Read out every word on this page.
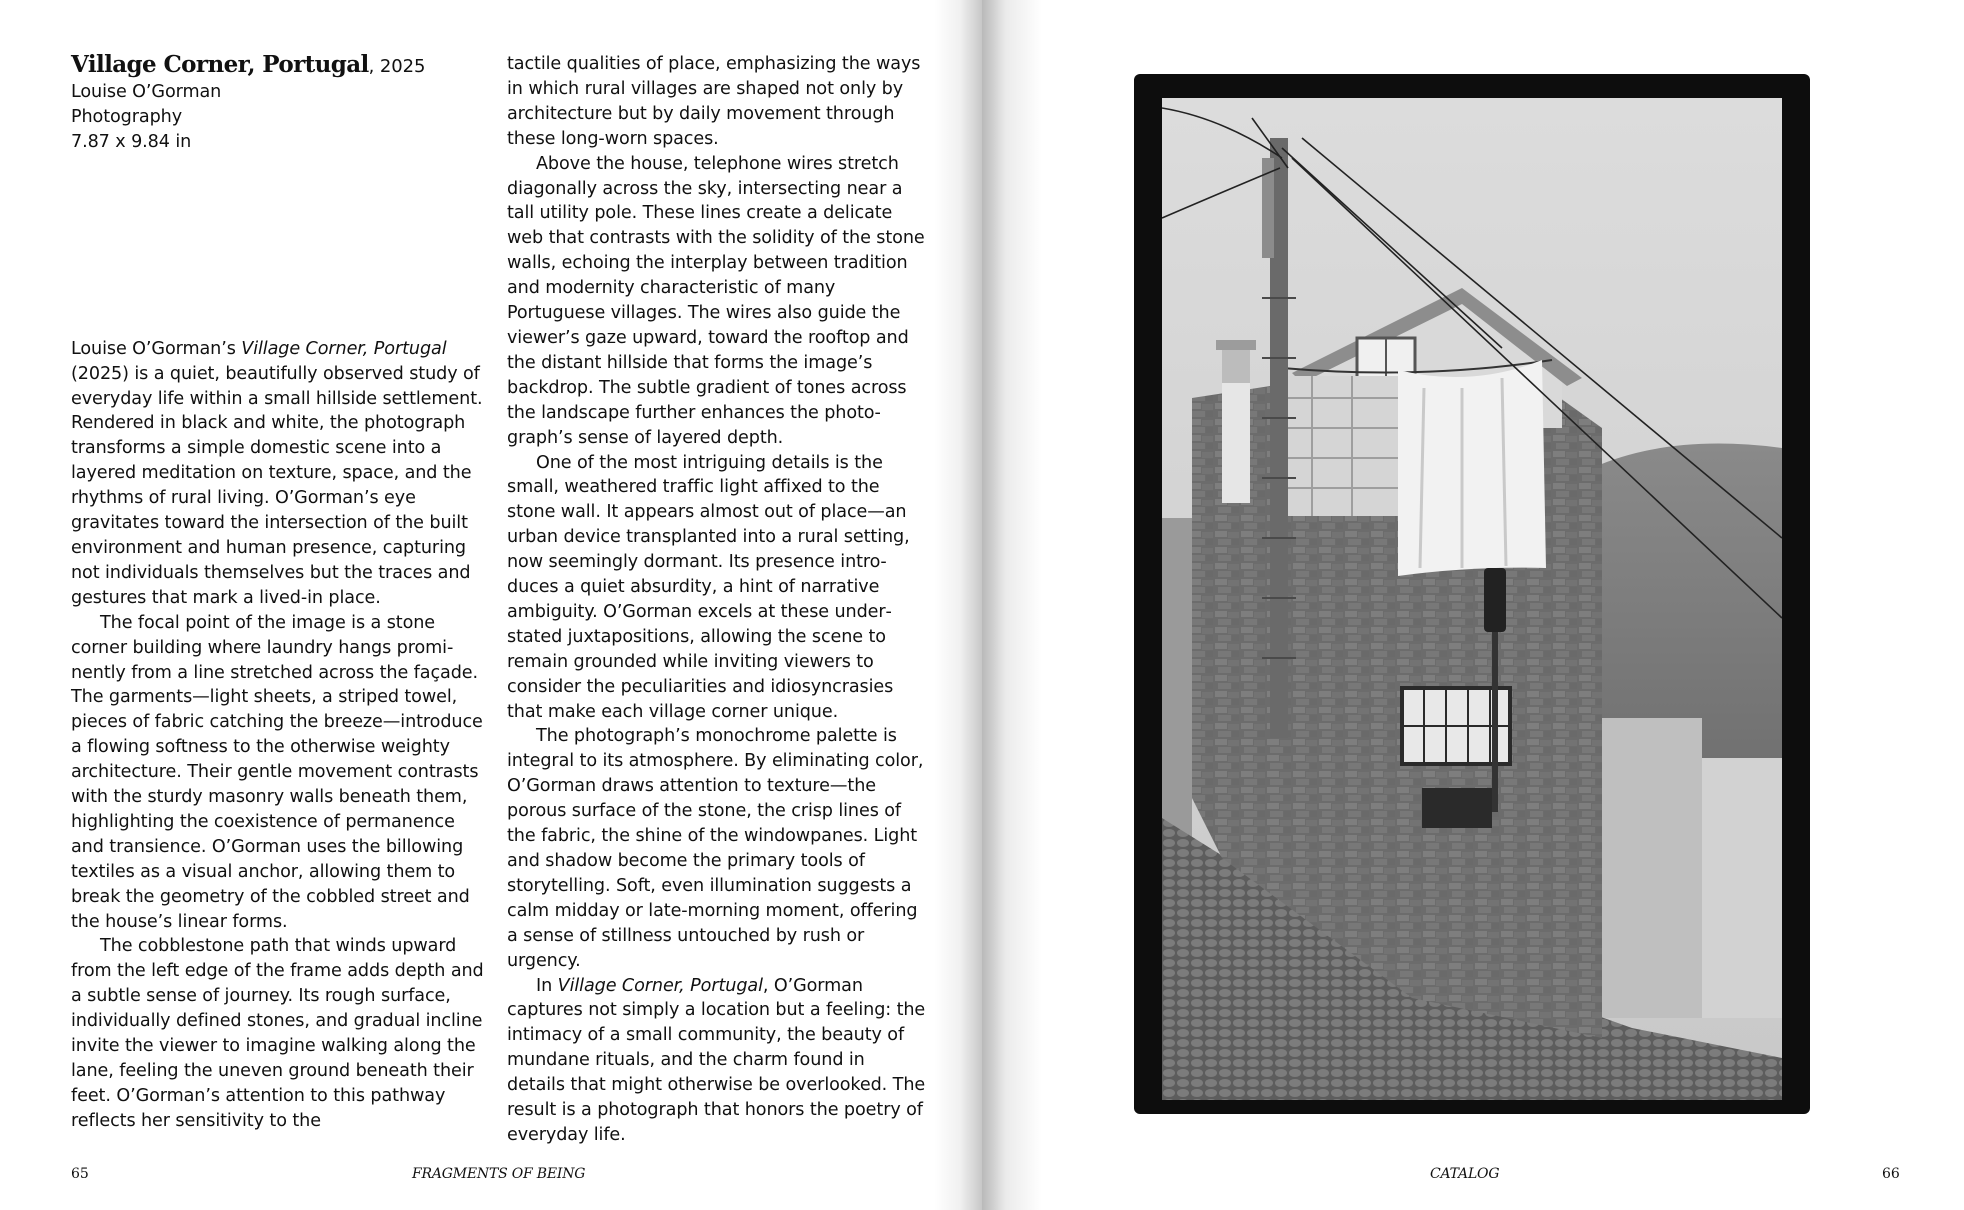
Village Corner, Portugal, 2025
Louise O’Gorman
Photography
7.87 x 9.84 in

Louise O’Gorman’s Village Corner, Portugal (2025) is a quiet, beautifully observed study of everyday life within a small hillside settlement. Rendered in black and white, the photograph transforms a simple domestic scene into a layered meditation on texture, space, and the rhythms of rural living. O’Gorman’s eye gravitates toward the intersection of the built environment and human presence, capturing not individuals themselves but the traces and gestures that mark a lived-in place.

The focal point of the image is a stone corner building where laundry hangs prominently from a line stretched across the façade. The garments—light sheets, a striped towel, pieces of fabric catching the breeze—introduce a flowing softness to the otherwise weighty architecture. Their gentle movement contrasts with the sturdy masonry walls beneath them, highlighting the coexistence of permanence and transience. O’Gorman uses the billowing textiles as a visual anchor, allowing them to break the geometry of the cobbled street and the house’s linear forms.

The cobblestone path that winds upward from the left edge of the frame adds depth and a subtle sense of journey. Its rough surface, individually defined stones, and gradual incline invite the viewer to imagine walking along the lane, feeling the uneven ground beneath their feet. O’Gorman’s attention to this pathway reflects her sensitivity to the

tactile qualities of place, emphasizing the ways in which rural villages are shaped not only by architecture but by daily movement through these long-worn spaces.

Above the house, telephone wires stretch diagonally across the sky, intersecting near a tall utility pole. These lines create a delicate web that contrasts with the solidity of the stone walls, echoing the interplay between tradition and modernity characteristic of many Portuguese villages. The wires also guide the viewer’s gaze upward, toward the rooftop and the distant hillside that forms the image’s backdrop. The subtle gradient of tones across the landscape further enhances the photograph’s sense of layered depth.

One of the most intriguing details is the small, weathered traffic light affixed to the stone wall. It appears almost out of place—an urban device transplanted into a rural setting, now seemingly dormant. Its presence introduces a quiet absurdity, a hint of narrative ambiguity. O’Gorman excels at these understated juxtapositions, allowing the scene to remain grounded while inviting viewers to consider the peculiarities and idiosyncrasies that make each village corner unique.

The photograph’s monochrome palette is integral to its atmosphere. By eliminating color, O’Gorman draws attention to texture—the porous surface of the stone, the crisp lines of the fabric, the shine of the windowpanes. Light and shadow become the primary tools of storytelling. Soft, even illumination suggests a calm midday or late-morning moment, offering a sense of stillness untouched by rush or urgency.

In Village Corner, Portugal, O’Gorman captures not simply a location but a feeling: the intimacy of a small community, the beauty of mundane rituals, and the charm found in details that might otherwise be overlooked. The result is a photograph that honors the poetry of everyday life.

65	FRAGMENTS OF BEING	CATALOG	66
